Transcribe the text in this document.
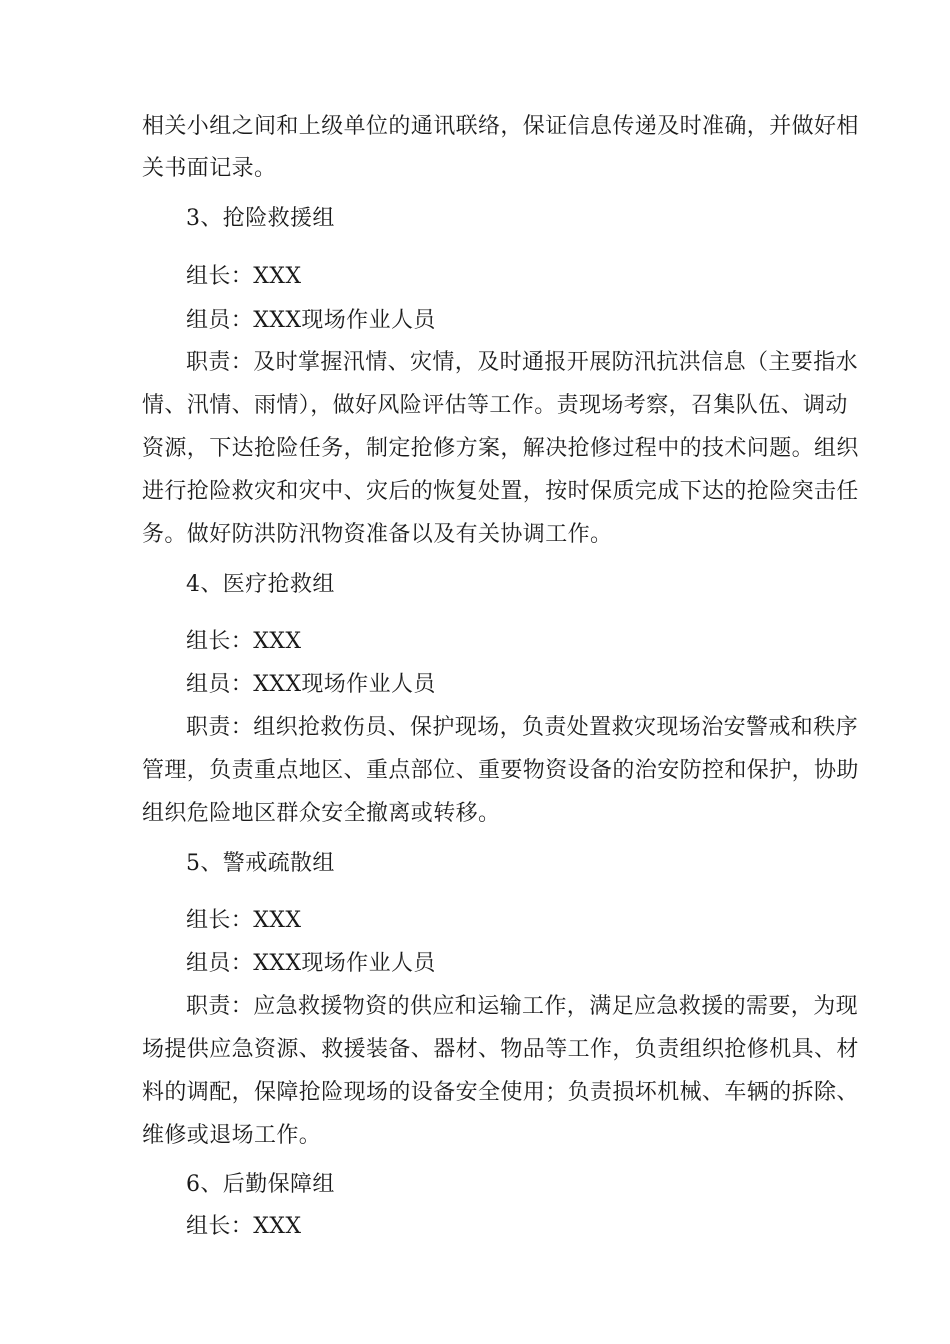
相关小组之间和上级单位的通讯联络，保证信息传递及时准确，并做好相
关书面记录。
3、抢险救援组
组长：XXX
组员：XXX现场作业人员
职责：及时掌握汛情、灾情，及时通报开展防汛抗洪信息（主要指水
情、汛情、雨情），做好风险评估等工作。责现场考察，召集队伍、调动
资源，下达抢险任务，制定抢修方案，解决抢修过程中的技术问题。组织
进行抢险救灾和灾中、灾后的恢复处置，按时保质完成下达的抢险突击任
务。做好防洪防汛物资准备以及有关协调工作。
4、医疗抢救组
组长：XXX
组员：XXX现场作业人员
职责：组织抢救伤员、保护现场，负责处置救灾现场治安警戒和秩序
管理，负责重点地区、重点部位、重要物资设备的治安防控和保护，协助
组织危险地区群众安全撤离或转移。
5、警戒疏散组
组长：XXX
组员：XXX现场作业人员
职责：应急救援物资的供应和运输工作，满足应急救援的需要，为现
场提供应急资源、救援装备、器材、物品等工作，负责组织抢修机具、材
料的调配，保障抢险现场的设备安全使用；负责损坏机械、车辆的拆除、
维修或退场工作。
6、后勤保障组
组长：XXX
